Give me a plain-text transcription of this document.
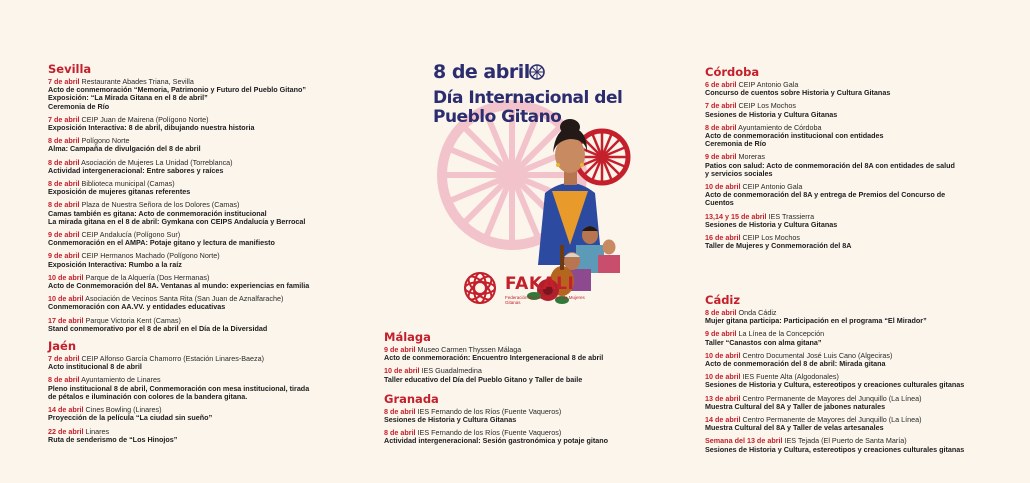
Sevilla
7 de abril Restaurante Abades Triana, Sevilla
Acto de conmemoración “Memoria, Patrimonio y Futuro del Pueblo Gitano”
Exposición: “La Mirada Gitana en el 8 de abril”
Ceremonia de Río
7 de abril CEIP Juan de Mairena (Polígono Norte)
Exposición Interactiva: 8 de abril, dibujando nuestra historia
8 de abril Polígono Norte
Alma: Campaña de divulgación del 8 de abril
8 de abril Asociación de Mujeres La Unidad (Torreblanca)
Actividad intergeneracional: Entre sabores y raíces
8 de abril Biblioteca municipal (Camas)
Exposición de mujeres gitanas referentes
8 de abril Plaza de Nuestra Señora de los Dolores (Camas)
Camas también es gitana: Acto de conmemoración institucional
La mirada gitana en el 8 de abril: Gymkana con CEIPS Andalucía y Berrocal
9 de abril CEIP Andalucía (Polígono Sur)
Conmemoración en el AMPA: Potaje gitano y lectura de manifiesto
9 de abril CEIP Hermanos Machado (Polígono Norte)
Exposición Interactiva: Rumbo a la raíz
10 de abril Parque de la Alquería (Dos Hermanas)
Acto de Conmemoración del 8A. Ventanas al mundo: experiencias en familia
10 de abril Asociación de Vecinos Santa Rita (San Juan de Aznalfarache)
Conmemoración con AA.VV. y entidades educativas
17 de abril Parque Victoria Kent (Camas)
Stand conmemorativo por el 8 de abril en el Día de la Diversidad
Jaén
7 de abril CEIP Alfonso García Chamorro (Estación Linares-Baeza)
Acto institucional 8 de abril
8 de abril Ayuntamiento de Linares
Pleno institucional 8 de abril, Conmemoración con mesa institucional, tirada
de pétalos e iluminación con colores de la bandera gitana.
14 de abril Cines Bowling (Linares)
Proyección de la película “La ciudad sin sueño”
22 de abril Linares
Ruta de senderismo de “Los Hinojos”
8 de abril
Día Internacional del
Pueblo Gitano
FAKALI
Federación de Asociaciones de Mujeres Gitanas
Málaga
9 de abril Museo Carmen Thyssen Málaga
Acto de conmemoración: Encuentro Intergeneracional 8 de abril
10 de abril IES Guadalmedina
Taller educativo del Día del Pueblo Gitano y Taller de baile
Granada
8 de abril IES Fernando de los Ríos (Fuente Vaqueros)
Sesiones de Historia y Cultura Gitanas
8 de abril IES Fernando de los Ríos (Fuente Vaqueros)
Actividad intergeneracional: Sesión gastronómica y potaje gitano
Córdoba
6 de abril CEIP Antonio Gala
Concurso de cuentos sobre Historia y Cultura Gitanas
7 de abril CEIP Los Mochos
Sesiones de Historia y Cultura Gitanas
8 de abril Ayuntamiento de Córdoba
Acto de conmemoración institucional con entidades
Ceremonia de Río
9 de abril Moreras
Patios con salud: Acto de conmemoración del 8A con entidades de salud
y servicios sociales
10 de abril CEIP Antonio Gala
Acto de conmemoración del 8A y entrega de Premios del Concurso de
Cuentos
13,14 y 15 de abril IES Trassierra
Sesiones de Historia y Cultura Gitanas
16 de abril CEIP Los Mochos
Taller de Mujeres y Conmemoración del 8A
Cádiz
8 de abril Onda Cádiz
Mujer gitana participa: Participación en el programa “El Mirador”
9 de abril La Línea de la Concepción
Taller “Canastos con alma gitana”
10 de abril Centro Documental José Luis Cano (Algeciras)
Acto de conmemoración del 8 de abril: Mirada gitana
10 de abril IES Fuente Alta (Algodonales)
Sesiones de Historia y Cultura, estereotipos y creaciones culturales gitanas
13 de abril Centro Permanente de Mayores del Junquillo (La Línea)
Muestra Cultural del 8A y Taller de jabones naturales
14 de abril Centro Permanente de Mayores del Junquillo (La Línea)
Muestra Cultural del 8A y Taller de velas artesanales
Semana del 13 de abril IES Tejada (El Puerto de Santa María)
Sesiones de Historia y Cultura, estereotipos y creaciones culturales gitanas
